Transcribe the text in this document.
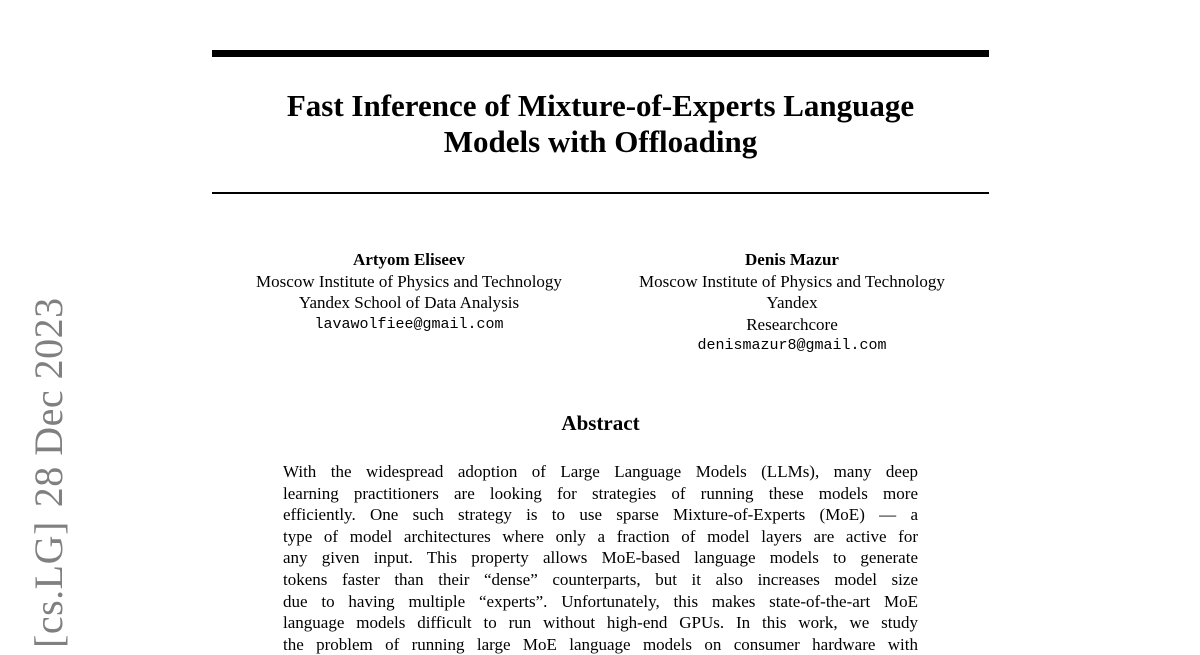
[cs.LG]28 Dec 2023
Fast Inference of Mixture-of-Experts Language
Models with Offloading
Artyom Eliseev
Moscow Institute of Physics and Technology
Yandex School of Data Analysis
lavawolfiee@gmail.com
Denis Mazur
Moscow Institute of Physics and Technology
Yandex
Researchcore
denismazur8@gmail.com
Abstract
With the widespread adoption of Large Language Models (LLMs), many deep
learning practitioners are looking for strategies of running these models more
efficiently. One such strategy is to use sparse Mixture-of-Experts (MoE) — a
type of model architectures where only a fraction of model layers are active for
any given input. This property allows MoE-based language models to generate
tokens faster than their “dense” counterparts, but it also increases model size
due to having multiple “experts”. Unfortunately, this makes state-of-the-art MoE
language models difficult to run without high-end GPUs. In this work, we study
the problem of running large MoE language models on consumer hardware with
